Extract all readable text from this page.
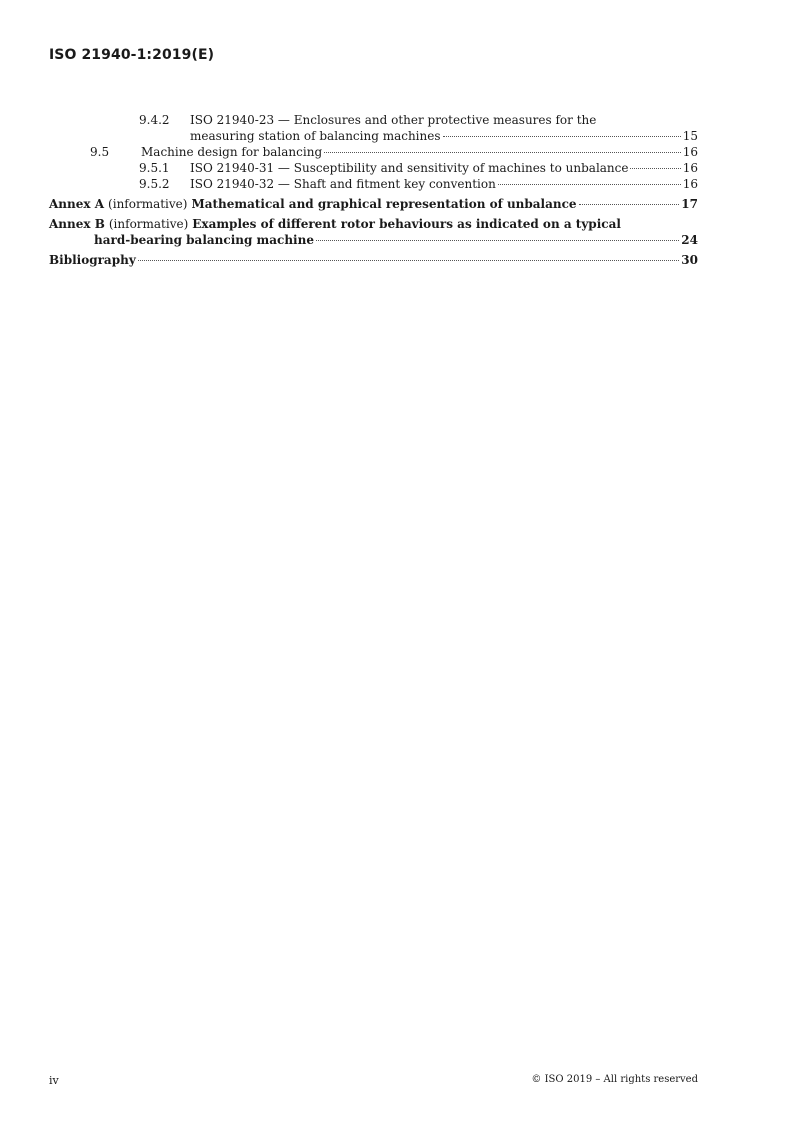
ISO 21940-1:2019(E)
9.4.2	ISO 21940-23 — Enclosures and other protective measures for the
measuring station of balancing machines	15
9.5	Machine design for balancing	16
9.5.1	ISO 21940-31 — Susceptibility and sensitivity of machines to unbalance	16
9.5.2	ISO 21940-32 — Shaft and fitment key convention	16
Annex A (informative) Mathematical and graphical representation of unbalance	17
Annex B (informative) Examples of different rotor behaviours as indicated on a typical
hard-bearing balancing machine	24
Bibliography	30
iv	© ISO 2019 – All rights reserved
